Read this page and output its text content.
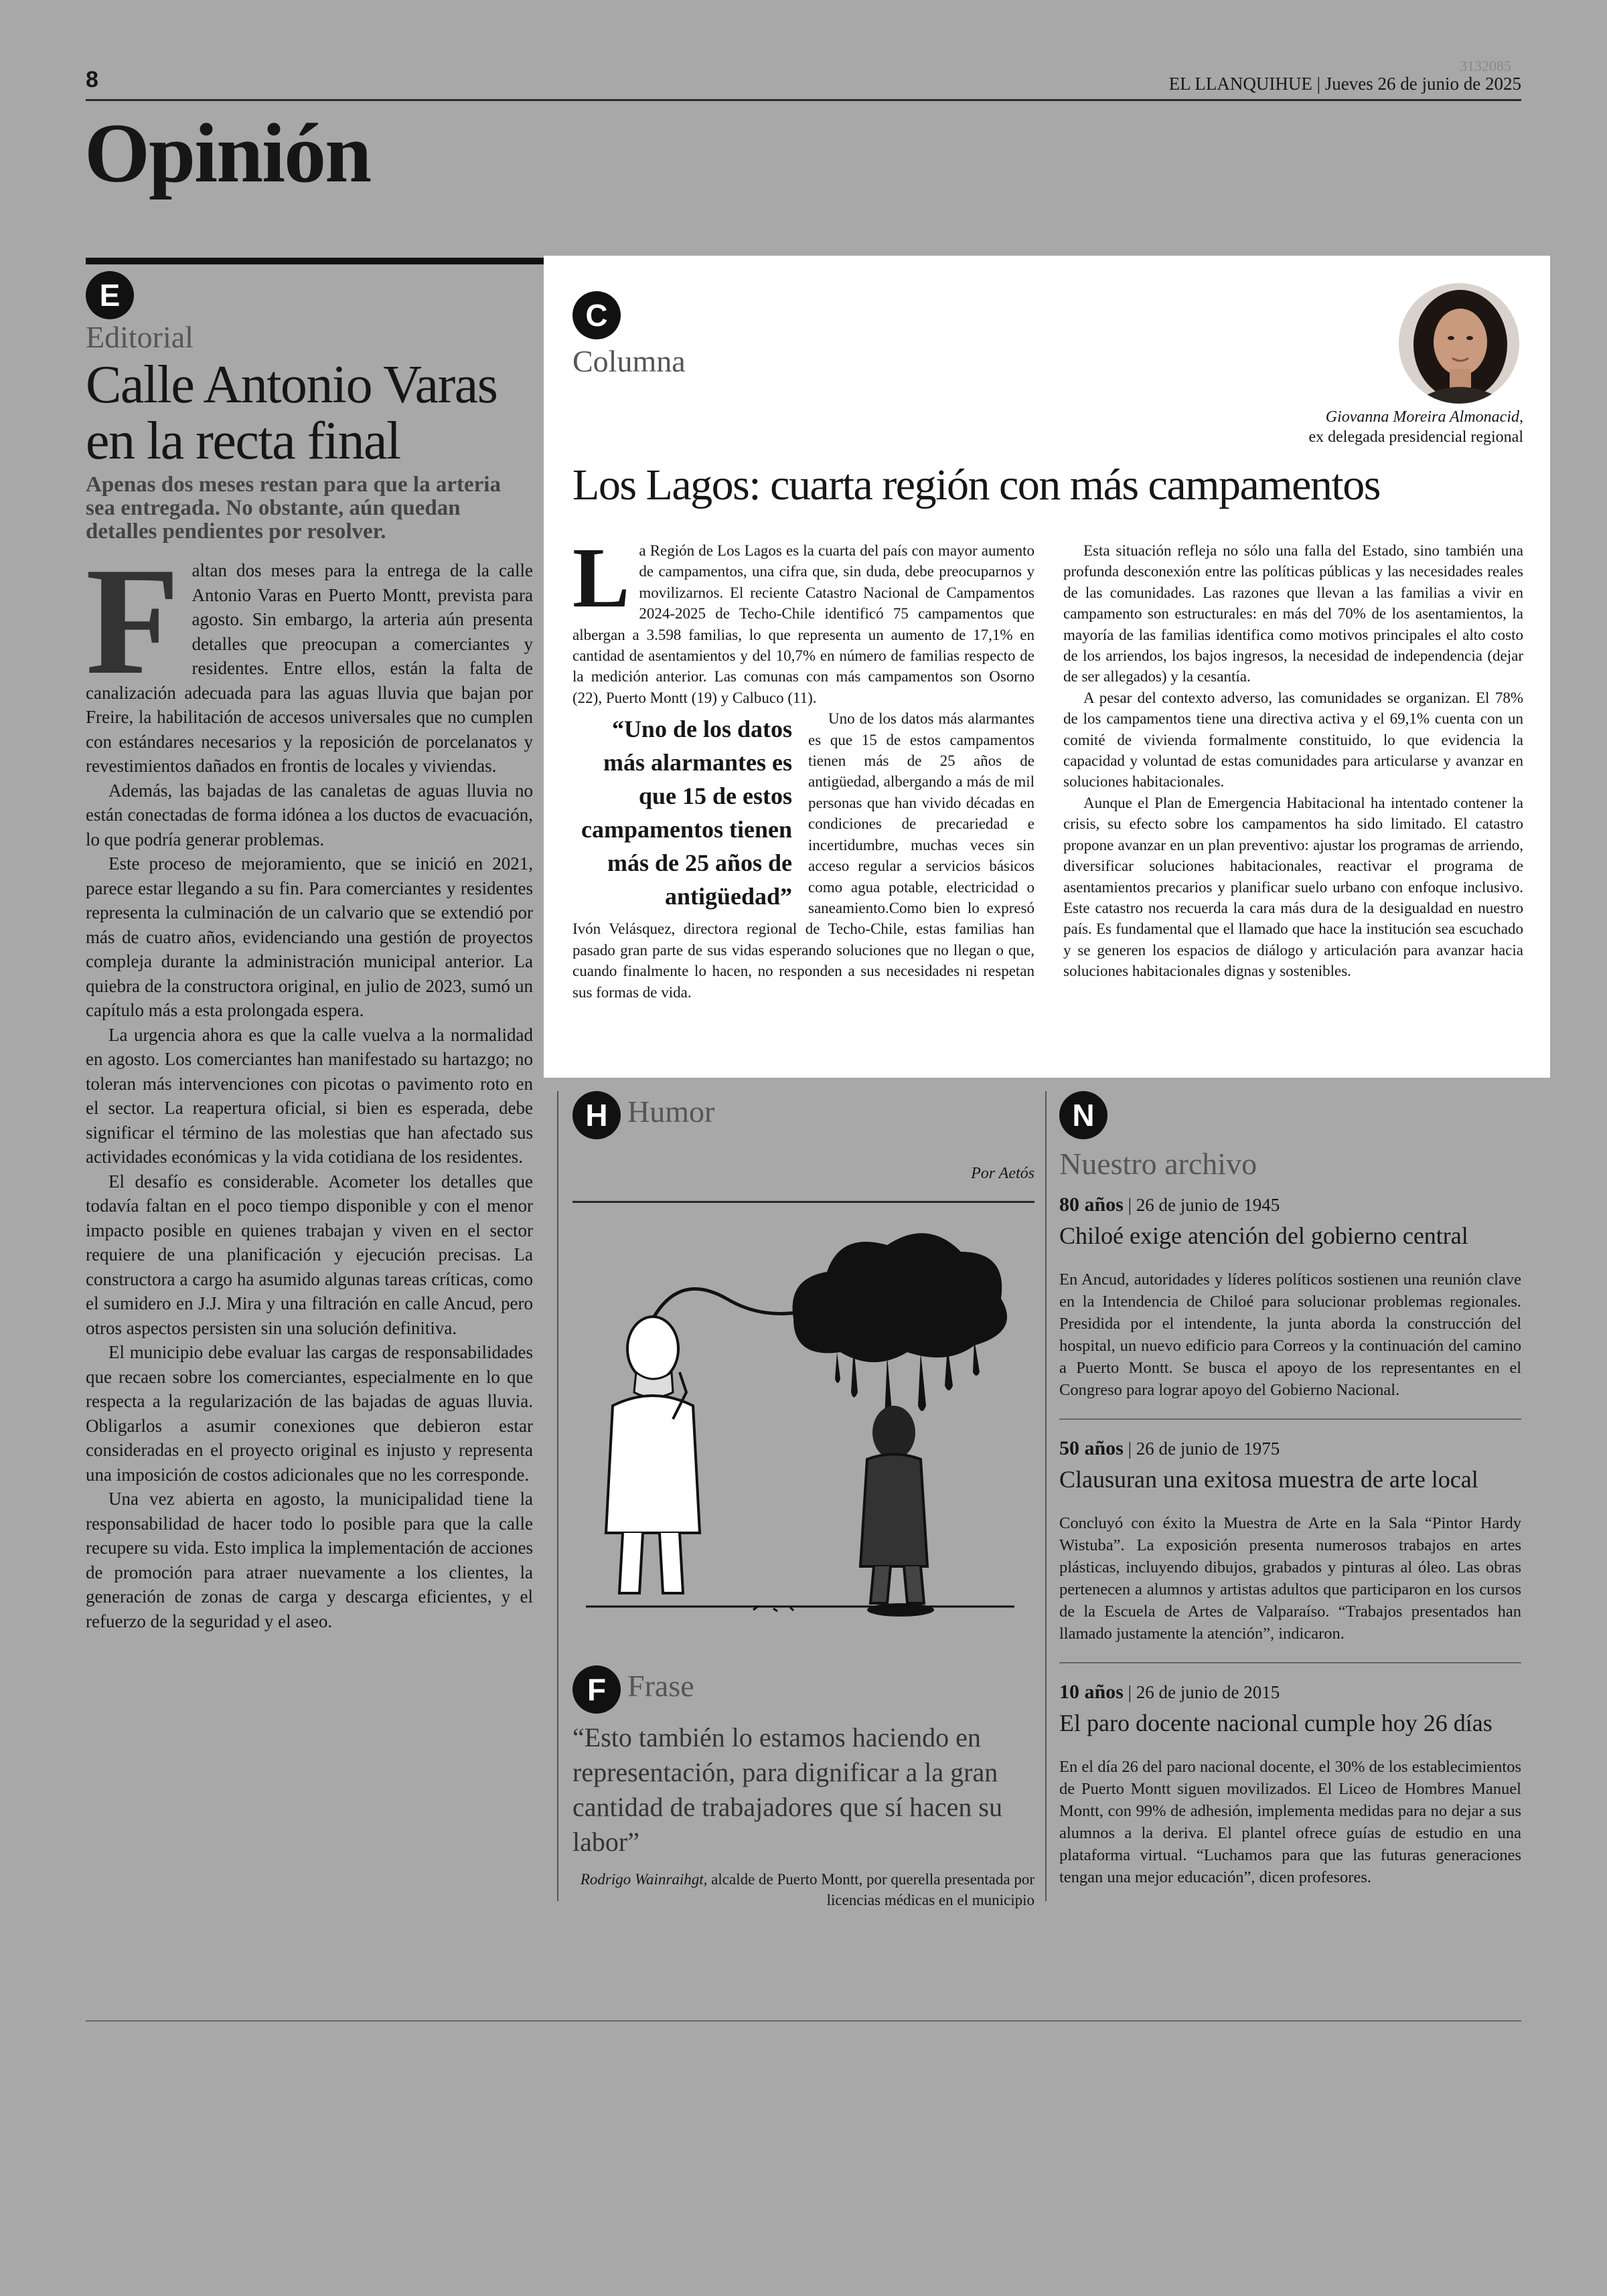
8
3132085
EL LLANQUIHUE | Jueves 26 de junio de 2025
Opinión
E
Editorial
Calle Antonio Varas en la recta final
Apenas dos meses restan para que la arteria sea entregada. No obstante, aún quedan detalles pendientes por resolver.

Faltan dos meses para la entrega de la calle Antonio Varas en Puerto Montt, prevista para agosto. Sin embargo, la arteria aún presenta detalles que preocupan a comerciantes y residentes. Entre ellos, están la falta de canalización adecuada para las aguas lluvia que bajan por Freire, la habilitación de accesos universales que no cumplen con estándares necesarios y la reposición de porcelanatos y revestimientos dañados en frontis de locales y viviendas.

Además, las bajadas de las canaletas de aguas lluvia no están conectadas de forma idónea a los ductos de evacuación, lo que podría generar problemas.

Este proceso de mejoramiento, que se inició en 2021, parece estar llegando a su fin. Para comerciantes y residentes representa la culminación de un calvario que se extendió por más de cuatro años, evidenciando una gestión de proyectos compleja durante la administración municipal anterior. La quiebra de la constructora original, en julio de 2023, sumó un capítulo más a esta prolongada espera.

La urgencia ahora es que la calle vuelva a la normalidad en agosto. Los comerciantes han manifestado su hartazgo; no toleran más intervenciones con picotas o pavimento roto en el sector. La reapertura oficial, si bien es esperada, debe significar el término de las molestias que han afectado sus actividades económicas y la vida cotidiana de los residentes.

El desafío es considerable. Acometer los detalles que todavía faltan en el poco tiempo disponible y con el menor impacto posible en quienes trabajan y viven en el sector requiere de una planificación y ejecución precisas. La constructora a cargo ha asumido algunas tareas críticas, como el sumidero en J.J. Mira y una filtración en calle Ancud, pero otros aspectos persisten sin una solución definitiva.

El municipio debe evaluar las cargas de responsabilidades que recaen sobre los comerciantes, especialmente en lo que respecta a la regularización de las bajadas de aguas lluvia. Obligarlos a asumir conexiones que debieron estar consideradas en el proyecto original es injusto y representa una imposición de costos adicionales que no les corresponde.

Una vez abierta en agosto, la municipalidad tiene la responsabilidad de hacer todo lo posible para que la calle recupere su vida. Esto implica la implementación de acciones de promoción para atraer nuevamente a los clientes, la generación de zonas de carga y descarga eficientes, y el refuerzo de la seguridad y el aseo.

C
Columna
Giovanna Moreira Almonacid,
ex delegada presidencial regional
Los Lagos: cuarta región con más campamentos

La Región de Los Lagos es la cuarta del país con mayor aumento de campamentos, una cifra que, sin duda, debe preocuparnos y movilizarnos. El reciente Catastro Nacional de Campamentos 2024-2025 de Techo-Chile identificó 75 campamentos que albergan a 3.598 familias, lo que representa un aumento de 17,1% en cantidad de asentamientos y del 10,7% en número de familias respecto de la medición anterior. Las comunas con más campamentos son Osorno (22), Puerto Montt (19) y Calbuco (11).

“Uno de los datos más alarmantes es que 15 de estos campamentos tienen más de 25 años de antigüedad”

Uno de los datos más alarmantes es que 15 de estos campamentos tienen más de 25 años de antigüedad, albergando a más de mil personas que han vivido décadas en condiciones de precariedad e incertidumbre, muchas veces sin acceso regular a servicios básicos como agua potable, electricidad o saneamiento.Como bien lo expresó Ivón Velásquez, directora regional de Techo-Chile, estas familias han pasado gran parte de sus vidas esperando soluciones que no llegan o que, cuando finalmente lo hacen, no responden a sus necesidades ni respetan sus formas de vida.

Esta situación refleja no sólo una falla del Estado, sino también una profunda desconexión entre las políticas públicas y las necesidades reales de las comunidades. Las razones que llevan a las familias a vivir en campamento son estructurales: en más del 70% de los asentamientos, la mayoría de las familias identifica como motivos principales el alto costo de los arriendos, los bajos ingresos, la necesidad de independencia (dejar de ser allegados) y la cesantía.

A pesar del contexto adverso, las comunidades se organizan. El 78% de los campamentos tiene una directiva activa y el 69,1% cuenta con un comité de vivienda formalmente constituido, lo que evidencia la capacidad y voluntad de estas comunidades para articularse y avanzar en soluciones habitacionales.

Aunque el Plan de Emergencia Habitacional ha intentado contener la crisis, su efecto sobre los campamentos ha sido limitado. El catastro propone avanzar en un plan preventivo: ajustar los programas de arriendo, diversificar soluciones habitacionales, reactivar el programa de asentamientos precarios y planificar suelo urbano con enfoque inclusivo. Este catastro nos recuerda la cara más dura de la desigualdad en nuestro país. Es fundamental que el llamado que hace la institución sea escuchado y se generen los espacios de diálogo y articulación para avanzar hacia soluciones habitacionales dignas y sostenibles.

H Humor
Por Aetós
F Frase
“Esto también lo estamos haciendo en representación, para dignificar a la gran cantidad de trabajadores que sí hacen su labor”
Rodrigo Wainraihgt, alcalde de Puerto Montt, por querella presentada por licencias médicas en el municipio
N
Nuestro archivo
80 años | 26 de junio de 1945
Chiloé exige atención del gobierno central

En Ancud, autoridades y líderes políticos sostienen una reunión clave en la Intendencia de Chiloé para solucionar problemas regionales. Presidida por el intendente, la junta aborda la construcción del hospital, un nuevo edificio para Correos y la continuación del camino a Puerto Montt. Se busca el apoyo de los representantes en el Congreso para lograr apoyo del Gobierno Nacional.

50 años | 26 de junio de 1975
Clausuran una exitosa muestra de arte local

Concluyó con éxito la Muestra de Arte en la Sala “Pintor Hardy Wistuba”. La exposición presenta numerosos trabajos en artes plásticas, incluyendo dibujos, grabados y pinturas al óleo. Las obras pertenecen a alumnos y artistas adultos que participaron en los cursos de la Escuela de Artes de Valparaíso. “Trabajos presentados han llamado justamente la atención”, indicaron.

10 años | 26 de junio de 2015
El paro docente nacional cumple hoy 26 días

En el día 26 del paro nacional docente, el 30% de los establecimientos de Puerto Montt siguen movilizados. El Liceo de Hombres Manuel Montt, con 99% de adhesión, implementa medidas para no dejar a sus alumnos a la deriva. El plantel ofrece guías de estudio en una plataforma virtual. “Luchamos para que las futuras generaciones tengan una mejor educación”, dicen profesores.
